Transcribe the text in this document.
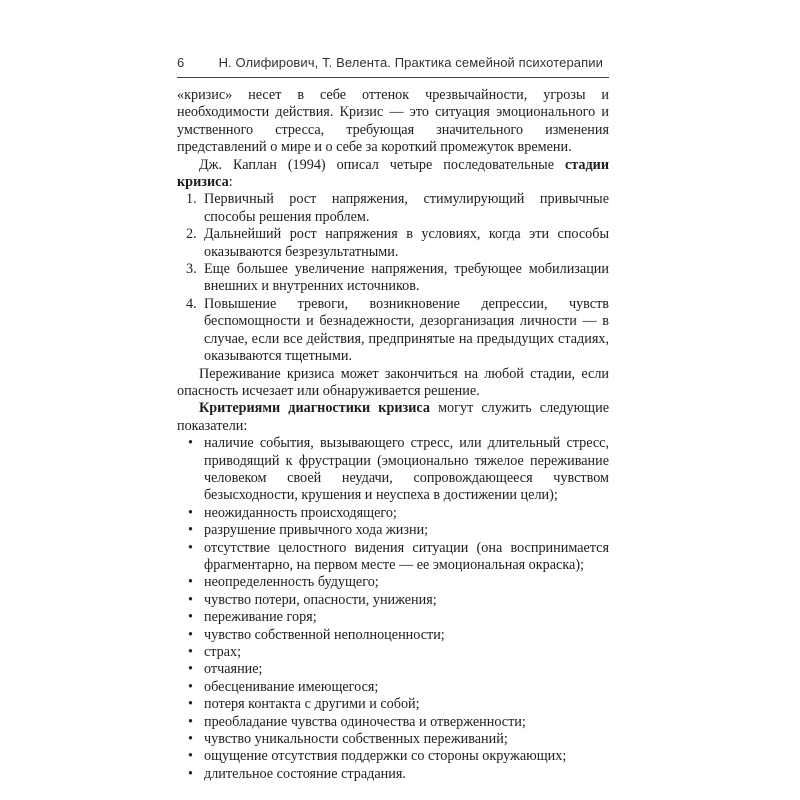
6	Н. Олифирович, Т. Велента. Практика семейной психотерапии

«кризис» несет в себе оттенок чрезвычайности, угрозы и необходимости действия. Кризис — это ситуация эмоционального и умственного стресса, требующая значительного изменения представлений о мире и о себе за короткий промежуток времени.

Дж. Каплан (1994) описал четыре последовательные стадии кризиса:

1. Первичный рост напряжения, стимулирующий привычные способы решения проблем.
2. Дальнейший рост напряжения в условиях, когда эти способы оказываются безрезультатными.
3. Еще большее увеличение напряжения, требующее мобилизации внешних и внутренних источников.
4. Повышение тревоги, возникновение депрессии, чувств беспомощности и безнадежности, дезорганизация личности — в случае, если все действия, предпринятые на предыдущих стадиях, оказываются тщетными.

Переживание кризиса может закончиться на любой стадии, если опасность исчезает или обнаруживается решение.

Критериями диагностики кризиса могут служить следующие показатели:

• наличие события, вызывающего стресс, или длительный стресс, приводящий к фрустрации (эмоционально тяжелое переживание человеком своей неудачи, сопровождающееся чувством безысходности, крушения и неуспеха в достижении цели);
• неожиданность происходящего;
• разрушение привычного хода жизни;
• отсутствие целостного видения ситуации (она воспринимается фрагментарно, на первом месте — ее эмоциональная окраска);
• неопределенность будущего;
• чувство потери, опасности, унижения;
• переживание горя;
• чувство собственной неполноценности;
• страх;
• отчаяние;
• обесценивание имеющегося;
• потеря контакта с другими и собой;
• преобладание чувства одиночества и отверженности;
• чувство уникальности собственных переживаний;
• ощущение отсутствия поддержки со стороны окружающих;
• длительное состояние страдания.
